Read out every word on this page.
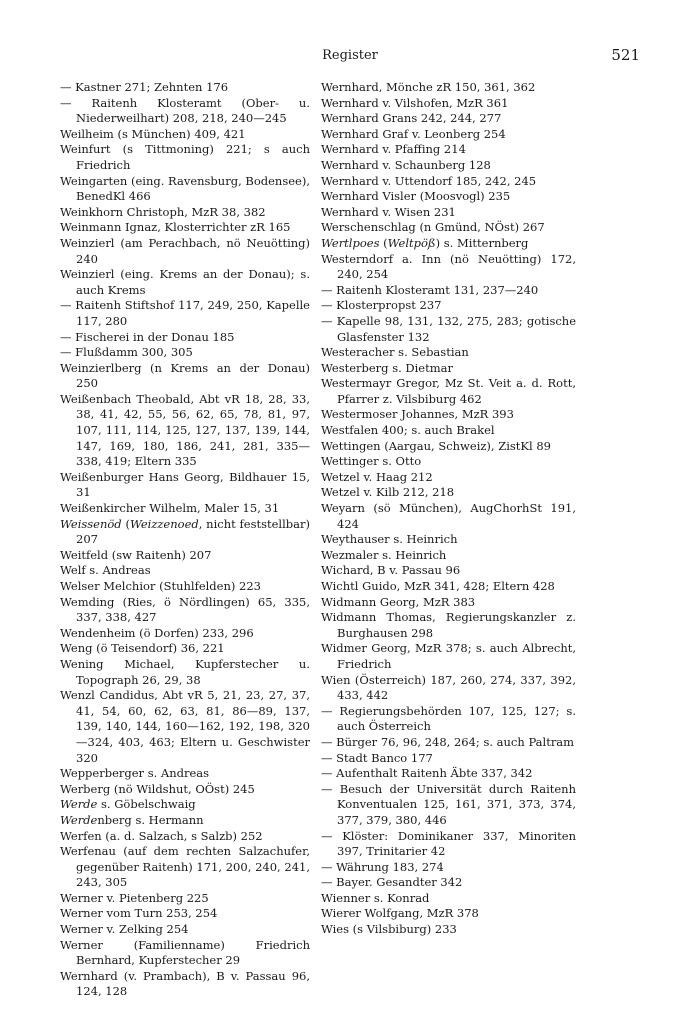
Register	521

— Kastner 271; Zehnten 176

— Raitenh Klosteramt (Ober- u. Niederweilhart) 208, 218, 240—245

Weilheim (s München) 409, 421

Weinfurt (s Tittmoning) 221; s auch Friedrich

Weingarten (eing. Ravensburg, Bodensee), BenedKl 466

Weinkhorn Christoph, MzR 38, 382

Weinmann Ignaz, Klosterrichter zR 165

Weinzierl (am Perachbach, nö Neuötting) 240

Weinzierl (eing. Krems an der Donau); s. auch Krems

— Raitenh Stiftshof 117, 249, 250, Kapelle 117, 280

— Fischerei in der Donau 185

— Flußdamm 300, 305

Weinzierlberg (n Krems an der Donau) 250

Weißenbach Theobald, Abt vR 18, 28, 33, 38, 41, 42, 55, 56, 62, 65, 78, 81, 97, 107, 111, 114, 125, 127, 137, 139, 144, 147, 169, 180, 186, 241, 281, 335—338, 419; Eltern 335

Weißenburger Hans Georg, Bildhauer 15, 31

Weißenkircher Wilhelm, Maler 15, 31

Weissenöd (Weizzenoed, nicht feststellbar) 207

Weitfeld (sw Raitenh) 207

Welf s. Andreas

Welser Melchior (Stuhlfelden) 223

Wemding (Ries, ö Nördlingen) 65, 335, 337, 338, 427

Wendenheim (ö Dorfen) 233, 296

Weng (ö Teisendorf) 36, 221

Wening Michael, Kupferstecher u. Topograph 26, 29, 38

Wenzl Candidus, Abt vR 5, 21, 23, 27, 37, 41, 54, 60, 62, 63, 81, 86—89, 137, 139, 140, 144, 160—162, 192, 198, 320—324, 403, 463; Eltern u. Geschwister 320

Wepperberger s. Andreas

Werberg (nö Wildshut, OÖst) 245

Werde s. Göbelschwaig

Werdenberg s. Hermann

Werfen (a. d. Salzach, s Salzb) 252

Werfenau (auf dem rechten Salzachufer, gegenüber Raitenh) 171, 200, 240, 241, 243, 305

Werner v. Pietenberg 225

Werner vom Turn 253, 254

Werner v. Zelking 254

Werner (Familienname) Friedrich Bernhard, Kupferstecher 29

Wernhard (v. Prambach), B v. Passau 96, 124, 128

Wernhard, Mönche zR 150, 361, 362

Wernhard v. Vilshofen, MzR 361

Wernhard Grans 242, 244, 277

Wernhard Graf v. Leonberg 254

Wernhard v. Pfaffing 214

Wernhard v. Schaunberg 128

Wernhard v. Uttendorf 185, 242, 245

Wernhard Visler (Moosvogl) 235

Wernhard v. Wisen 231

Werschenschlag (n Gmünd, NÖst) 267

Wertlpoes (Weltpöß) s. Mitternberg

Westerndorf a. Inn (nö Neuötting) 172, 240, 254

— Raitenh Klosteramt 131, 237—240

— Klosterpropst 237

— Kapelle 98, 131, 132, 275, 283; gotische Glasfenster 132

Westeracher s. Sebastian

Westerberg s. Dietmar

Westermayr Gregor, Mz St. Veit a. d. Rott, Pfarrer z. Vilsbiburg 462

Westermoser Johannes, MzR 393

Westfalen 400; s. auch Brakel

Wettingen (Aargau, Schweiz), ZistKl 89

Wettinger s. Otto

Wetzel v. Haag 212

Wetzel v. Kilb 212, 218

Weyarn (sö München), AugChorhSt 191, 424

Weythauser s. Heinrich

Wezmaler s. Heinrich

Wichard, B v. Passau 96

Wichtl Guido, MzR 341, 428; Eltern 428

Widmann Georg, MzR 383

Widmann Thomas, Regierungskanzler z. Burghausen 298

Widmer Georg, MzR 378; s. auch Albrecht, Friedrich

Wien (Österreich) 187, 260, 274, 337, 392, 433, 442

— Regierungsbehörden 107, 125, 127; s. auch Österreich

— Bürger 76, 96, 248, 264; s. auch Paltram

— Stadt Banco 177

— Aufenthalt Raitenh Äbte 337, 342

— Besuch der Universität durch Raitenh Konventualen 125, 161, 371, 373, 374, 377, 379, 380, 446

— Klöster: Dominikaner 337, Minoriten 397, Trinitarier 42

— Währung 183, 274

— Bayer. Gesandter 342

Wienner s. Konrad

Wierer Wolfgang, MzR 378

Wies (s Vilsbiburg) 233
